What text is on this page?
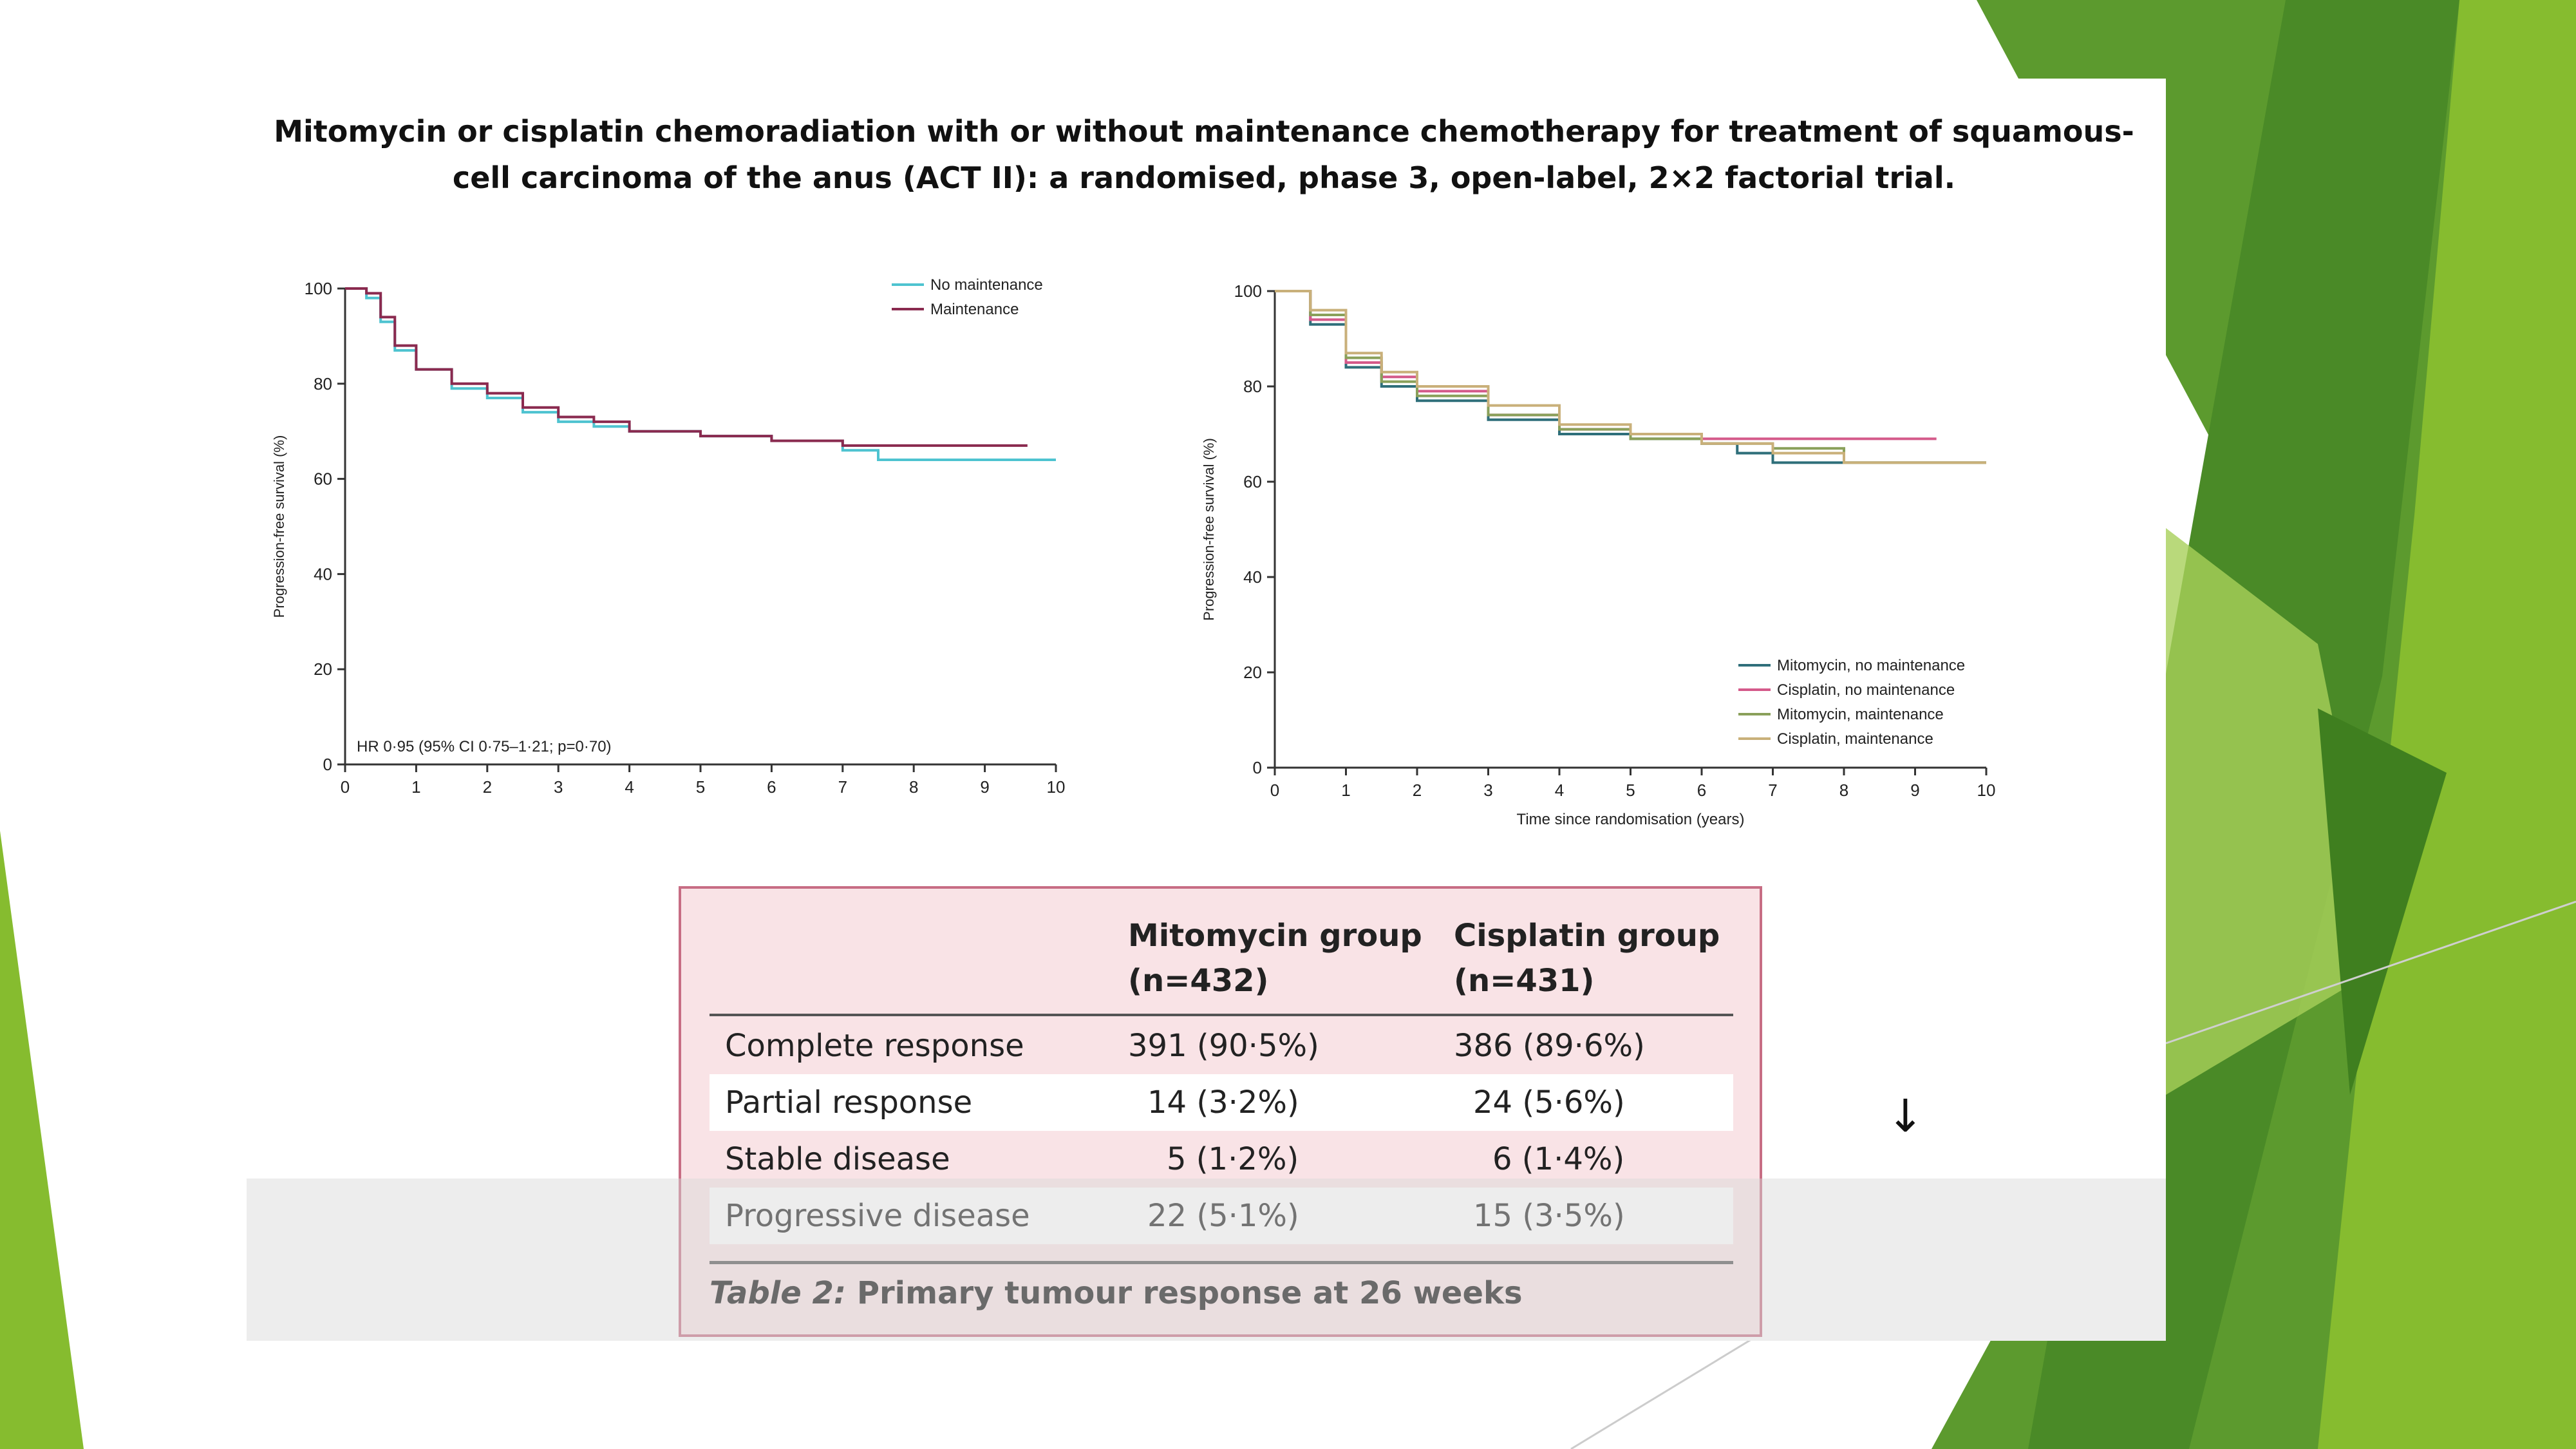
Mitomycin or cisplatin chemoradiation with or without maintenance chemotherapy for treatment of squamous-
cell carcinoma of the anus (ACT II): a randomised, phase 3, open-label, 2×2 factorial trial.
0
20
40
60
80
100
0	1	2	3	4	5	6	7	8	9	10
Progression-free survival (%)
No maintenance
Maintenance
HR 0·95 (95% CI 0·75–1·21; p=0·70)
0
20
40
60
80
100
0	1	2	3	4	5	6	7	8	9	10
Progression-free survival (%)
Time since randomisation (years)
Mitomycin, no maintenance
Cisplatin, no maintenance
Mitomycin, maintenance
Cisplatin, maintenance
Mitomycin group
(n=432)
Cisplatin group
(n=431)
Complete response	391 (90·5%)	386 (89·6%)
Partial response	14 (3·2%)	24 (5·6%)
Stable disease	5 (1·2%)	6 (1·4%)
Progressive disease	22 (5·1%)	15 (3·5%)
Table 2: Primary tumour response at 26 weeks
↓
